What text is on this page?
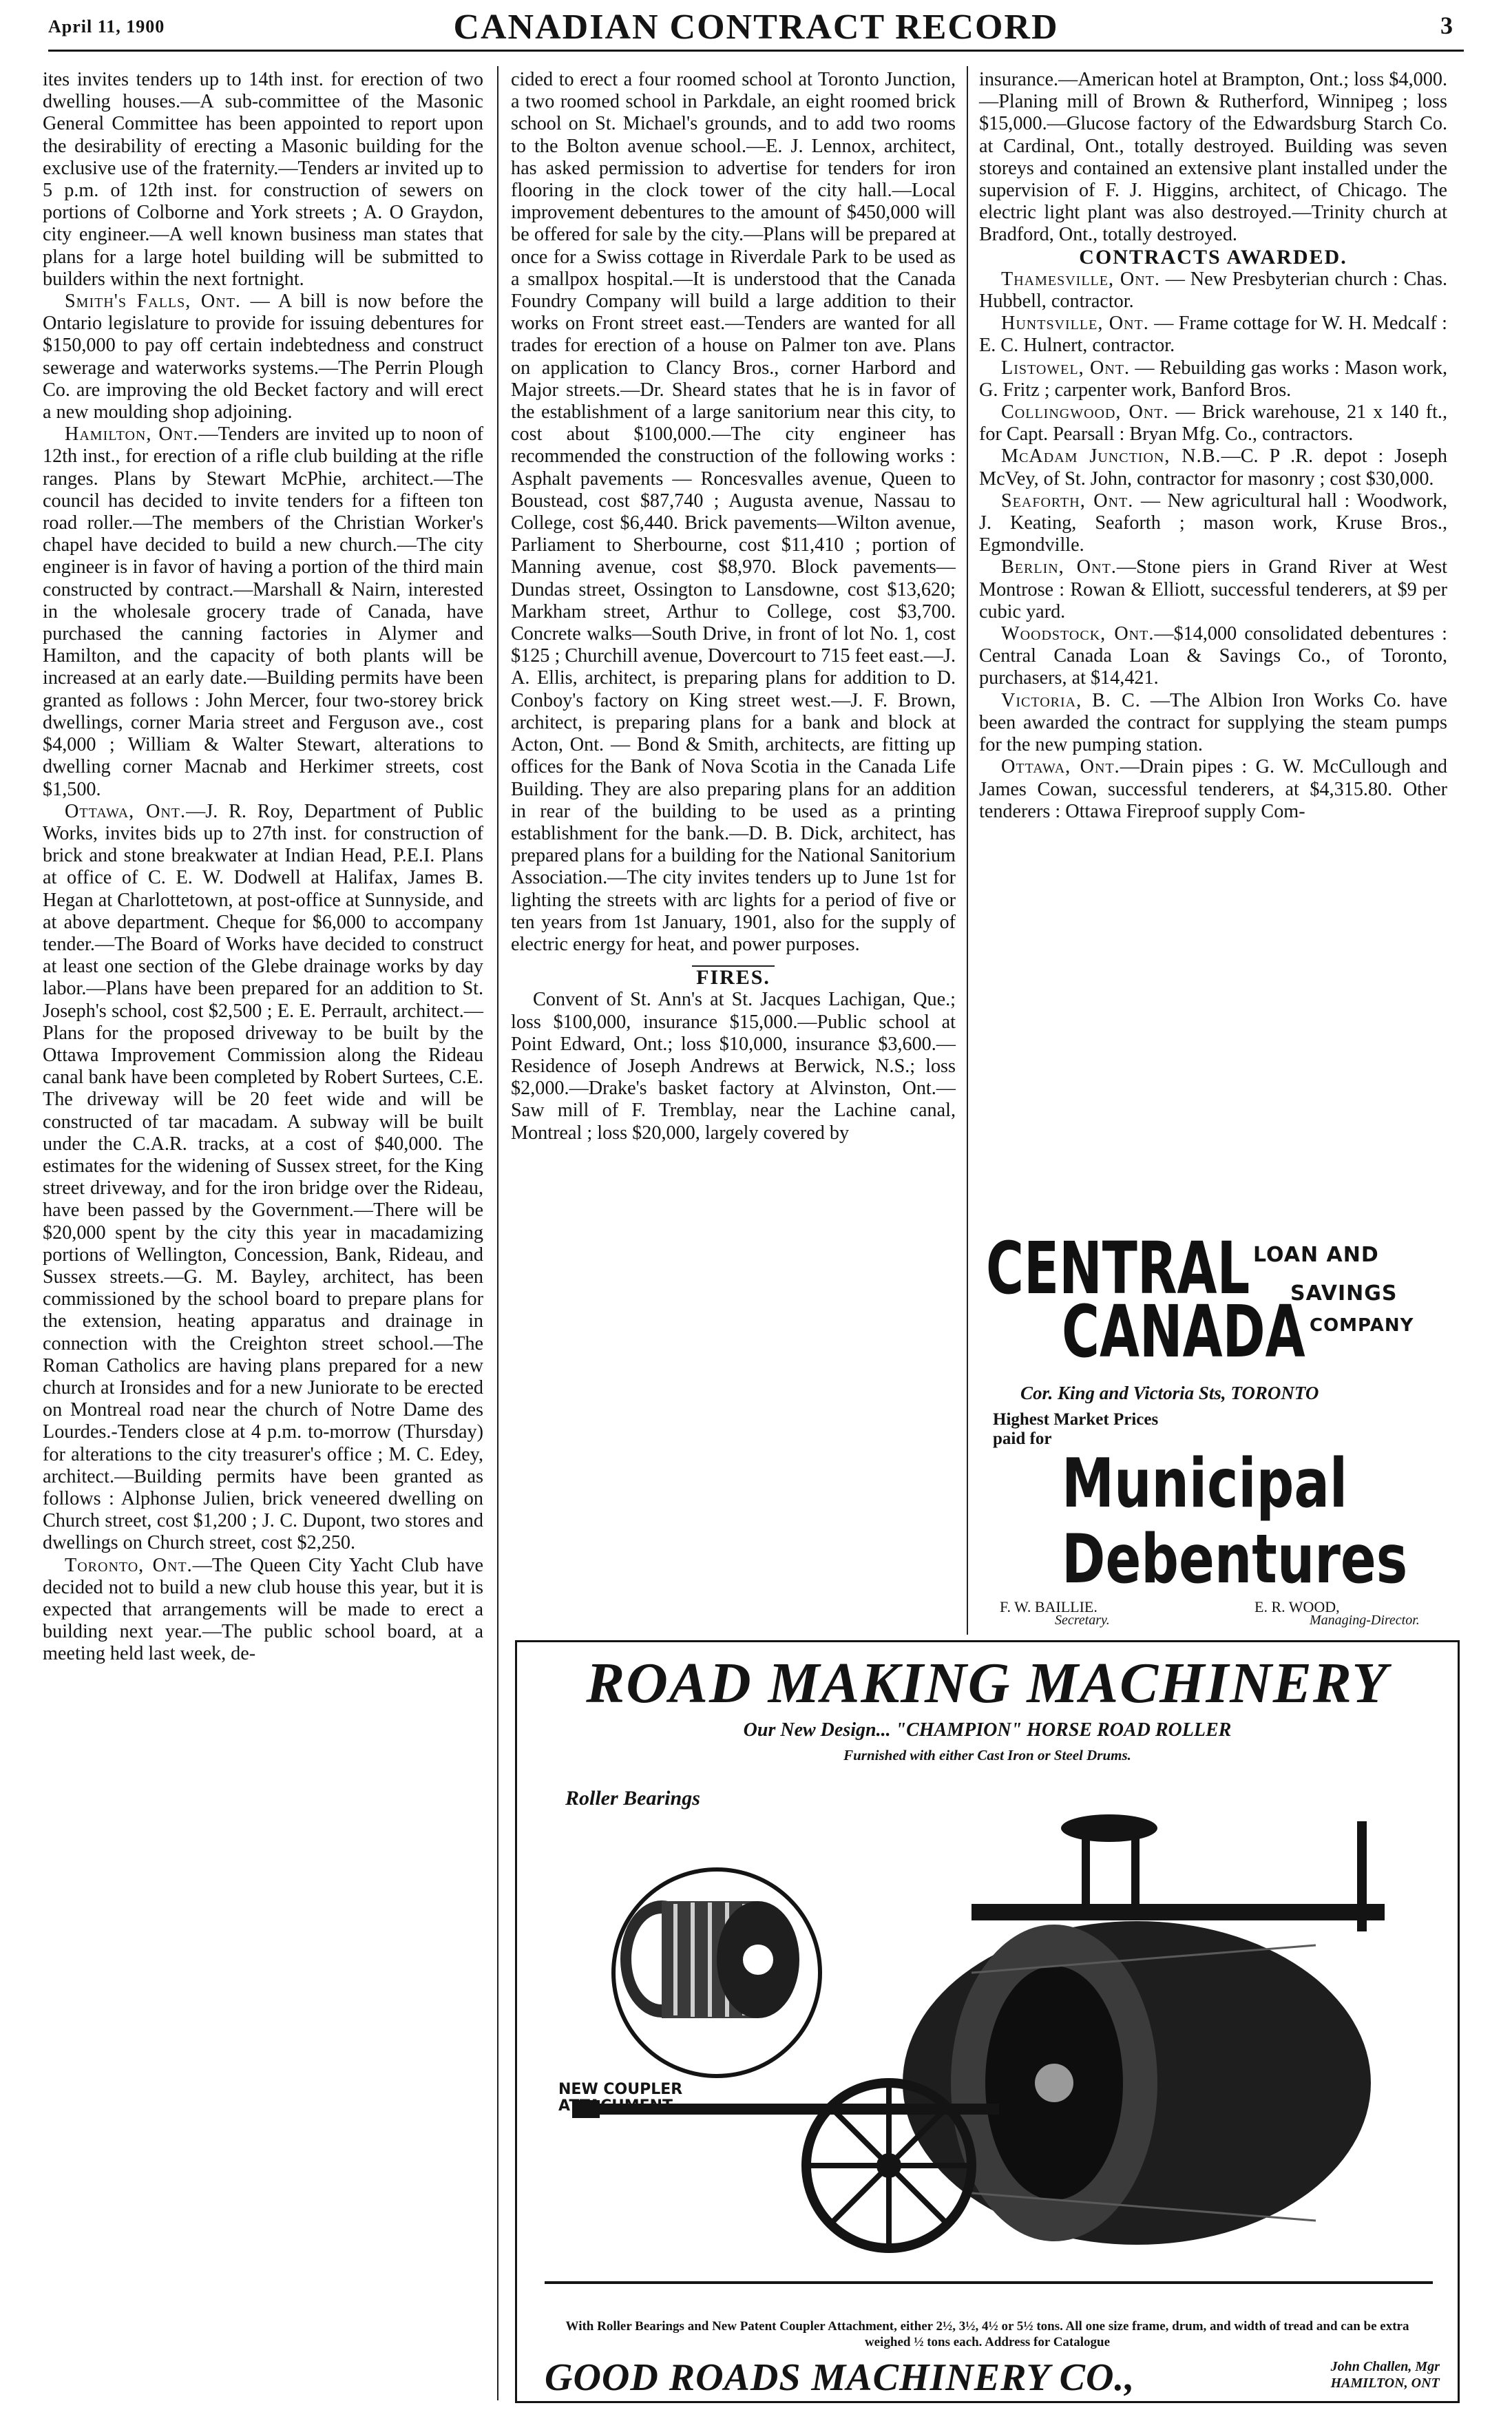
April 11, 1900	CANADIAN CONTRACT RECORD	3

ites invites tenders up to 14th inst. for erection of two dwelling houses.—A sub-committee of the Masonic General Committee has been appointed to report upon the desirability of erecting a Masonic building for the exclusive use of the fraternity.—Tenders ar invited up to 5 p.m. of 12th inst. for construction of sewers on portions of Colborne and York streets ; A. O Graydon, city engineer.—A well known business man states that plans for a large hotel building will be submitted to builders within the next fortnight.

Smith's Falls, Ont. — A bill is now before the Ontario legislature to provide for issuing debentures for $150,000 to pay off certain indebtedness and construct sewerage and waterworks systems.—The Perrin Plough Co. are improving the old Becket factory and will erect a new moulding shop adjoining.

Hamilton, Ont.—Tenders are invited up to noon of 12th inst., for erection of a rifle club building at the rifle ranges. Plans by Stewart McPhie, architect.—The council has decided to invite tenders for a fifteen ton road roller.—The members of the Christian Worker's chapel have decided to build a new church.—The city engineer is in favor of having a portion of the third main constructed by contract.—Marshall & Nairn, interested in the wholesale grocery trade of Canada, have purchased the canning factories in Alymer and Hamilton, and the capacity of both plants will be increased at an early date.—Building permits have been granted as follows : John Mercer, four two-storey brick dwellings, corner Maria street and Ferguson ave., cost $4,000 ; William & Walter Stewart, alterations to dwelling corner Macnab and Herkimer streets, cost $1,500.

Ottawa, Ont.—J. R. Roy, Department of Public Works, invites bids up to 27th inst. for construction of brick and stone breakwater at Indian Head, P.E.I. Plans at office of C. E. W. Dodwell at Halifax, James B. Hegan at Charlottetown, at post-office at Sunnyside, and at above department. Cheque for $6,000 to accompany tender.—The Board of Works have decided to construct at least one section of the Glebe drainage works by day labor.—Plans have been prepared for an addition to St. Joseph's school, cost $2,500 ; E. E. Perrault, architect.—Plans for the proposed driveway to be built by the Ottawa Improvement Commission along the Rideau canal bank have been completed by Robert Surtees, C.E. The driveway will be 20 feet wide and will be constructed of tar macadam. A subway will be built under the C.A.R. tracks, at a cost of $40,000. The estimates for the widening of Sussex street, for the King street driveway, and for the iron bridge over the Rideau, have been passed by the Government.—There will be $20,000 spent by the city this year in macadamizing portions of Wellington, Concession, Bank, Rideau, and Sussex streets.—G. M. Bayley, architect, has been commissioned by the school board to prepare plans for the extension, heating apparatus and drainage in connection with the Creighton street school.—The Roman Catholics are having plans prepared for a new church at Ironsides and for a new Juniorate to be erected on Montreal road near the church of Notre Dame des Lourdes.-Tenders close at 4 p.m. to-morrow (Thursday) for alterations to the city treasurer's office ; M. C. Edey, architect.—Building permits have been granted as follows : Alphonse Julien, brick veneered dwelling on Church street, cost $1,200 ; J. C. Dupont, two stores and dwellings on Church street, cost $2,250.

Toronto, Ont.—The Queen City Yacht Club have decided not to build a new club house this year, but it is expected that arrangements will be made to erect a building next year.—The public school board, at a meeting held last week, de-

cided to erect a four roomed school at Toronto Junction, a two roomed school in Parkdale, an eight roomed brick school on St. Michael's grounds, and to add two rooms to the Bolton avenue school.—E. J. Lennox, architect, has asked permission to advertise for tenders for iron flooring in the clock tower of the city hall.—Local improvement debentures to the amount of $450,000 will be offered for sale by the city.—Plans will be prepared at once for a Swiss cottage in Riverdale Park to be used as a smallpox hospital.—It is understood that the Canada Foundry Company will build a large addition to their works on Front street east.—Tenders are wanted for all trades for erection of a house on Palmer ton ave. Plans on application to Clancy Bros., corner Harbord and Major streets.—Dr. Sheard states that he is in favor of the establishment of a large sanitorium near this city, to cost about $100,000.—The city engineer has recommended the construction of the following works : Asphalt pavements — Roncesvalles avenue, Queen to Boustead, cost $87,740 ; Augusta avenue, Nassau to College, cost $6,440. Brick pavements—Wilton avenue, Parliament to Sherbourne, cost $11,410 ; portion of Manning avenue, cost $8,970. Block pavements—Dundas street, Ossington to Lansdowne, cost $13,620; Markham street, Arthur to College, cost $3,700. Concrete walks—South Drive, in front of lot No. 1, cost $125 ; Churchill avenue, Dovercourt to 715 feet east.—J. A. Ellis, architect, is preparing plans for addition to D. Conboy's factory on King street west.—J. F. Brown, architect, is preparing plans for a bank and block at Acton, Ont. — Bond & Smith, architects, are fitting up offices for the Bank of Nova Scotia in the Canada Life Building. They are also preparing plans for an addition in rear of the building to be used as a printing establishment for the bank.—D. B. Dick, architect, has prepared plans for a building for the National Sanitorium Association.—The city invites tenders up to June 1st for lighting the streets with arc lights for a period of five or ten years from 1st January, 1901, also for the supply of electric energy for heat, and power purposes.

FIRES.

Convent of St. Ann's at St. Jacques Lachigan, Que.; loss $100,000, insurance $15,000.—Public school at Point Edward, Ont.; loss $10,000, insurance $3,600.—Residence of Joseph Andrews at Berwick, N.S.; loss $2,000.—Drake's basket factory at Alvinston, Ont.—Saw mill of F. Tremblay, near the Lachine canal, Montreal ; loss $20,000, largely covered by

insurance.—American hotel at Brampton, Ont.; loss $4,000.—Planing mill of Brown & Rutherford, Winnipeg ; loss $15,000.—Glucose factory of the Edwardsburg Starch Co. at Cardinal, Ont., totally destroyed. Building was seven storeys and contained an extensive plant installed under the supervision of F. J. Higgins, architect, of Chicago. The electric light plant was also destroyed.—Trinity church at Bradford, Ont., totally destroyed.

CONTRACTS AWARDED.

Thamesville, Ont. — New Presbyterian church : Chas. Hubbell, contractor.

Huntsville, Ont. — Frame cottage for W. H. Medcalf : E. C. Hulnert, contractor.

Listowel, Ont. — Rebuilding gas works : Mason work, G. Fritz ; carpenter work, Banford Bros.

Collingwood, Ont. — Brick warehouse, 21 x 140 ft., for Capt. Pearsall : Bryan Mfg. Co., contractors.

McAdam Junction, N.B.—C. P .R. depot : Joseph McVey, of St. John, contractor for masonry ; cost $30,000.

Seaforth, Ont. — New agricultural hall : Woodwork, J. Keating, Seaforth ; mason work, Kruse Bros., Egmondville.

Berlin, Ont.—Stone piers in Grand River at West Montrose : Rowan & Elliott, successful tenderers, at $9 per cubic yard.

Woodstock, Ont.—$14,000 consolidated debentures : Central Canada Loan & Savings Co., of Toronto, purchasers, at $14,421.

Victoria, B. C. —The Albion Iron Works Co. have been awarded the contract for supplying the steam pumps for the new pumping station.

Ottawa, Ont.—Drain pipes : G. W. McCullough and James Cowan, successful tenderers, at $4,315.80. Other tenderers : Ottawa Fireproof supply Com-

CENTRAL LOAN AND
SAVINGS
CANADA COMPANY
Cor. King and Victoria Sts, TORONTO
Highest Market Prices
paid for
Municipal
Debentures
F. W. BAILLIE.
Secretary.
E. R. WOOD,
Managing-Director.
ROAD MAKING MACHINERY
Our New Design... "CHAMPION" HORSE ROAD ROLLER
Furnished with either Cast Iron or Steel Drums.
Roller Bearings
NEW COUPLER
ATTACHMENT
With Roller Bearings and New Patent Coupler Attachment, either 2½, 3½, 4½ or 5½ tons. All one size frame, drum, and width of tread and can be extra weighed ½ tons each. Address for Catalogue
GOOD ROADS MACHINERY CO.,	John Challen, Mgr
HAMILTON, ONT
